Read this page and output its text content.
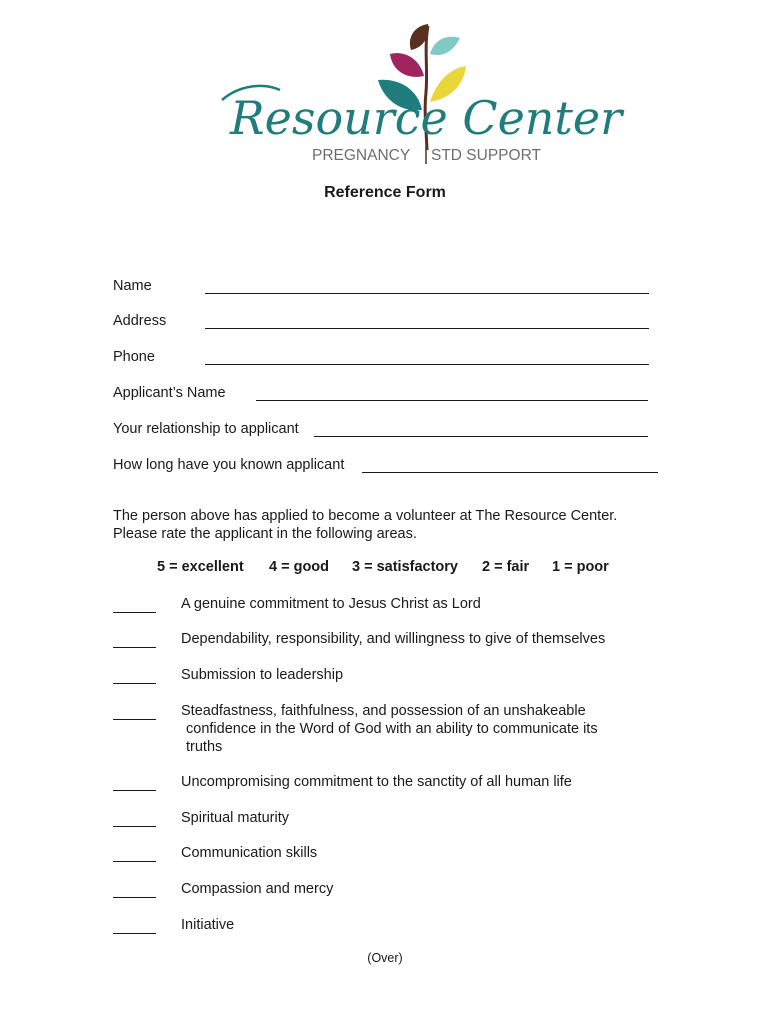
Resource Center
PREGNANCY STD SUPPORT
Reference Form
Name
Address
Phone
Applicant’s Name
Your relationship to applicant
How long have you known applicant
The person above has applied to become a volunteer at The Resource Center.
Please rate the applicant in the following areas.
5 = excellent 4 = good 3 = satisfactory 2 = fair 1 = poor
A genuine commitment to Jesus Christ as Lord
Dependability, responsibility, and willingness to give of themselves
Submission to leadership
Steadfastness, faithfulness, and possession of an unshakeable
confidence in the Word of God with an ability to communicate its
truths
Uncompromising commitment to the sanctity of all human life
Spiritual maturity
Communication skills
Compassion and mercy
Initiative
(Over)
